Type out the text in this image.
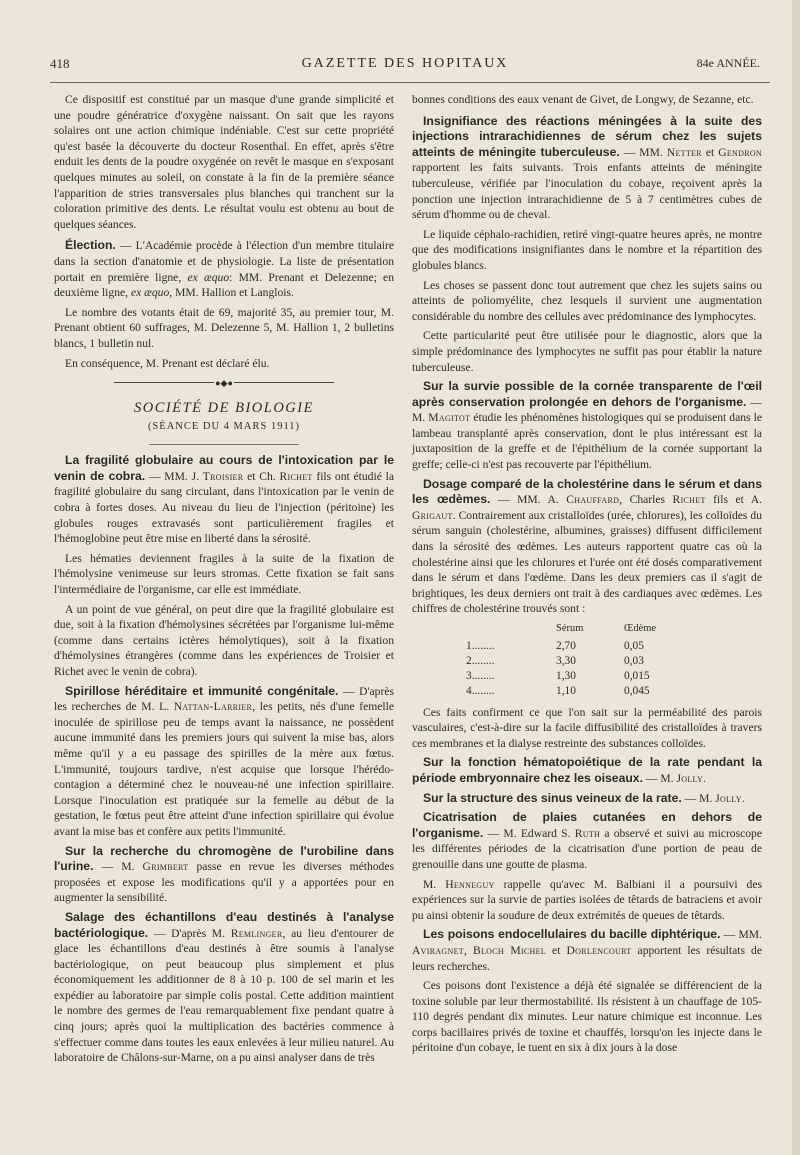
418	GAZETTE DES HOPITAUX	84e ANNÉE.

Ce dispositif est constitué par un masque d'une grande simplicité et une poudre génératrice d'oxygène naissant. On sait que les rayons solaires ont une action chimique indéniable. C'est sur cette propriété qu'est basée la découverte du docteur Rosenthal. En effet, après s'être enduit les dents de la poudre oxygénée on revêt le masque en s'exposant quelques minutes au soleil, on constate à la fin de la première séance l'apparition de stries transversales plus blanches qui tranchent sur la coloration primitive des dents. Le résultat voulu est obtenu au bout de quelques séances.

Élection. — L'Académie procède à l'élection d'un membre titulaire dans la section d'anatomie et de physiologie. La liste de présentation portait en première ligne, ex æquo: MM. Prenant et Delezenne; en deuxième ligne, ex æquo, MM. Hallion et Langlois.

Le nombre des votants était de 69, majorité 35, au premier tour, M. Prenant obtient 60 suffrages, M. Delezenne 5, M. Hallion 1, 2 bulletins blancs, 1 bulletin nul.

En conséquence, M. Prenant est déclaré élu.

●◆●
SOCIÉTÉ DE BIOLOGIE
(SÉANCE DU 4 MARS 1911)

La fragilité globulaire au cours de l'intoxication par le venin de cobra. — MM. J. Troisier et Ch. Richet fils ont étudié la fragilité globulaire du sang circulant, dans l'intoxication par le venin de cobra à fortes doses. Au niveau du lieu de l'injection (péritoine) les globules rouges extravasés sont particulièrement fragiles et l'hémoglobine peut être mise en liberté dans la sérosité.

Les hématies deviennent fragiles à la suite de la fixation de l'hémolysine venimeuse sur leurs stromas. Cette fixation se fait sans l'intermédiaire de l'organisme, car elle est immédiate.

A un point de vue général, on peut dire que la fragilité globulaire est due, soit à la fixation d'hémolysines sécrétées par l'organisme lui-même (comme dans certains ictères hémolytiques), soit à la fixation d'hémolysines étrangères (comme dans les expériences de Troisier et Richet avec le venin de cobra).

Spirillose héréditaire et immunité congénitale. — D'après les recherches de M. L. Nattan-Larrier, les petits, nés d'une femelle inoculée de spirillose peu de temps avant la naissance, ne possèdent aucune immunité dans les premiers jours qui suivent la mise bas, alors même qu'il y a eu passage des spirilles de la mère aux fœtus. L'immunité, toujours tardive, n'est acquise que lorsque l'hérédo-contagion a déterminé chez le nouveau-né une infection spirillaire. Lorsque l'inoculation est pratiquée sur la femelle au début de la gestation, le fœtus peut être atteint d'une infection spirillaire qui évolue avant la mise bas et confère aux petits l'immunité.

Sur la recherche du chromogène de l'urobiline dans l'urine. — M. Grimbert passe en revue les diverses méthodes proposées et expose les modifications qu'il y a apportées pour en augmenter la sensibilité.

Salage des échantillons d'eau destinés à l'analyse bactériologique. — D'après M. Remlinger, au lieu d'entourer de glace les échantillons d'eau destinés à être soumis à l'analyse bactériologique, on peut beaucoup plus simplement et plus économiquement les additionner de 8 à 10 p. 100 de sel marin et les expédier au laboratoire par simple colis postal. Cette addition maintient le nombre des germes de l'eau remarquablement fixe pendant quatre à cinq jours; après quoi la multiplication des bactéries commence à s'effectuer comme dans toutes les eaux enlevées à leur milieu naturel. Au laboratoire de Châlons-sur-Marne, on a pu ainsi analyser dans de très

bonnes conditions des eaux venant de Givet, de Longwy, de Sezanne, etc.

Insignifiance des réactions méningées à la suite des injections intrarachidiennes de sérum chez les sujets atteints de méningite tuberculeuse. — MM. Netter et Gendron rapportent les faits suivants. Trois enfants atteints de méningite tuberculeuse, vérifiée par l'inoculation du cobaye, reçoivent après la ponction une injection intrarachidienne de 5 à 7 centimètres cubes de sérum d'homme ou de cheval.

Le liquide céphalo-rachidien, retiré vingt-quatre heures après, ne montre que des modifications insignifiantes dans le nombre et la répartition des globules blancs.

Les choses se passent donc tout autrement que chez les sujets sains ou atteints de poliomyélite, chez lesquels il survient une augmentation considérable du nombre des cellules avec prédominance des lymphocytes.

Cette particularité peut être utilisée pour le diagnostic, alors que la simple prédominance des lymphocytes ne suffit pas pour établir la nature tuberculeuse.

Sur la survie possible de la cornée transparente de l'œil après conservation prolongée en dehors de l'organisme. — M. Magitot étudie les phénomènes histologiques qui se produisent dans le lambeau transplanté après conservation, dont le plus intéressant est la juxtaposition de la greffe et de l'épithélium de la cornée supportant la greffe; celle-ci n'est pas recouverte par l'épithélium.

Dosage comparé de la cholestérine dans le sérum et dans les œdèmes. — MM. A. Chauffard, Charles Richet fils et A. Grigaut. Contrairement aux cristalloïdes (urée, chlorures), les colloïdes du sérum sanguin (cholestérine, albumines, graisses) diffusent difficilement dans la sérosité des œdèmes. Les auteurs rapportent quatre cas où la cholestérine ainsi que les chlorures et l'urée ont été dosés comparativement dans le sérum et dans l'œdème. Dans les deux premiers cas il s'agit de brightiques, les deux derniers ont trait à des cardiaques avec œdèmes. Les chiffres de cholestérine trouvés sont :

	Sérum	Œdème
1........	2,70	0,05
2........	3,30	0,03
3........	1,30	0,015
4........	1,10	0,045

Ces faits confirment ce que l'on sait sur la perméabilité des parois vasculaires, c'est-à-dire sur la facile diffusibilité des cristalloïdes à travers ces membranes et la dialyse restreinte des substances colloïdes.

Sur la fonction hématopoiétique de la rate pendant la période embryonnaire chez les oiseaux. — M. Jolly.

Sur la structure des sinus veineux de la rate. — M. Jolly.

Cicatrisation de plaies cutanées en dehors de l'organisme. — M. Edward S. Ruth a observé et suivi au microscope les différentes périodes de la cicatrisation d'une portion de peau de grenouille dans une goutte de plasma.

M. Henneguy rappelle qu'avec M. Balbiani il a poursuivi des expériences sur la survie de parties isolées de têtards de batraciens et avoir pu ainsi obtenir la soudure de deux extrémités de queues de têtards.

Les poisons endocellulaires du bacille diphtérique. — MM. Aviragnet, Bloch Michel et Dorlencourt apportent les résultats de leurs recherches.

Ces poisons dont l'existence a déjà été signalée se différencient de la toxine soluble par leur thermostabilité. Ils résistent à un chauffage de 105-110 degrés pendant dix minutes. Leur nature chimique est inconnue. Les corps bacillaires privés de toxine et chauffés, lorsqu'on les injecte dans le péritoine d'un cobaye, le tuent en six à dix jours à la dose
